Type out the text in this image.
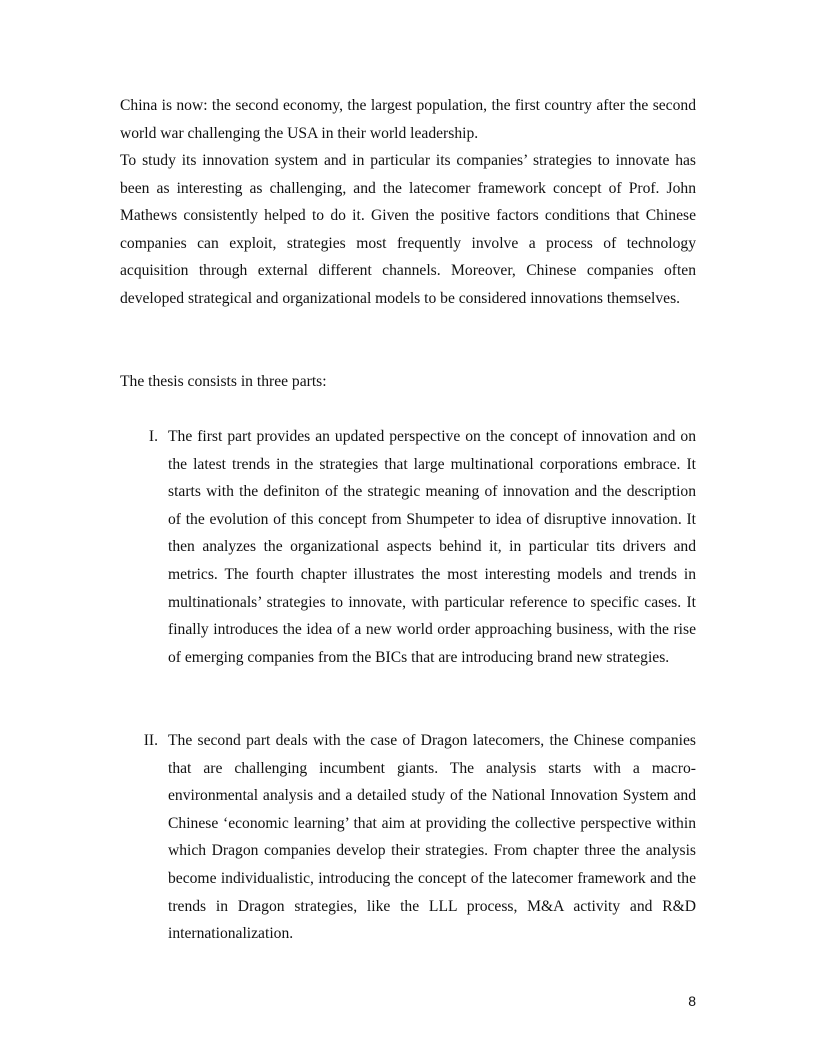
China is now: the second economy, the largest population, the first country after the second world war challenging the USA in their world leadership.

To study its innovation system and in particular its companies’ strategies to innovate has been as interesting as challenging, and the latecomer framework concept of Prof. John Mathews consistently helped to do it. Given the positive factors conditions that Chinese companies can exploit, strategies most frequently involve a process of technology acquisition through external different channels. Moreover, Chinese companies often developed strategical and organizational models to be considered innovations themselves.

The thesis consists in three parts:

I. The first part provides an updated perspective on the concept of innovation and on the latest trends in the strategies that large multinational corporations embrace. It starts with the definiton of the strategic meaning of innovation and the description of the evolution of this concept from Shumpeter to idea of disruptive innovation. It then analyzes the organizational aspects behind it, in particular tits drivers and metrics. The fourth chapter illustrates the most interesting models and trends in multinationals’ strategies to innovate, with particular reference to specific cases. It finally introduces the idea of a new world order approaching business, with the rise of emerging companies from the BICs that are introducing brand new strategies.

II. The second part deals with the case of Dragon latecomers, the Chinese companies that are challenging incumbent giants. The analysis starts with a macro-environmental analysis and a detailed study of the National Innovation System and Chinese ‘economic learning’ that aim at providing the collective perspective within which Dragon companies develop their strategies. From chapter three the analysis become individualistic, introducing the concept of the latecomer framework and the trends in Dragon strategies, like the LLL process, M&A activity and R&D internationalization.

8
